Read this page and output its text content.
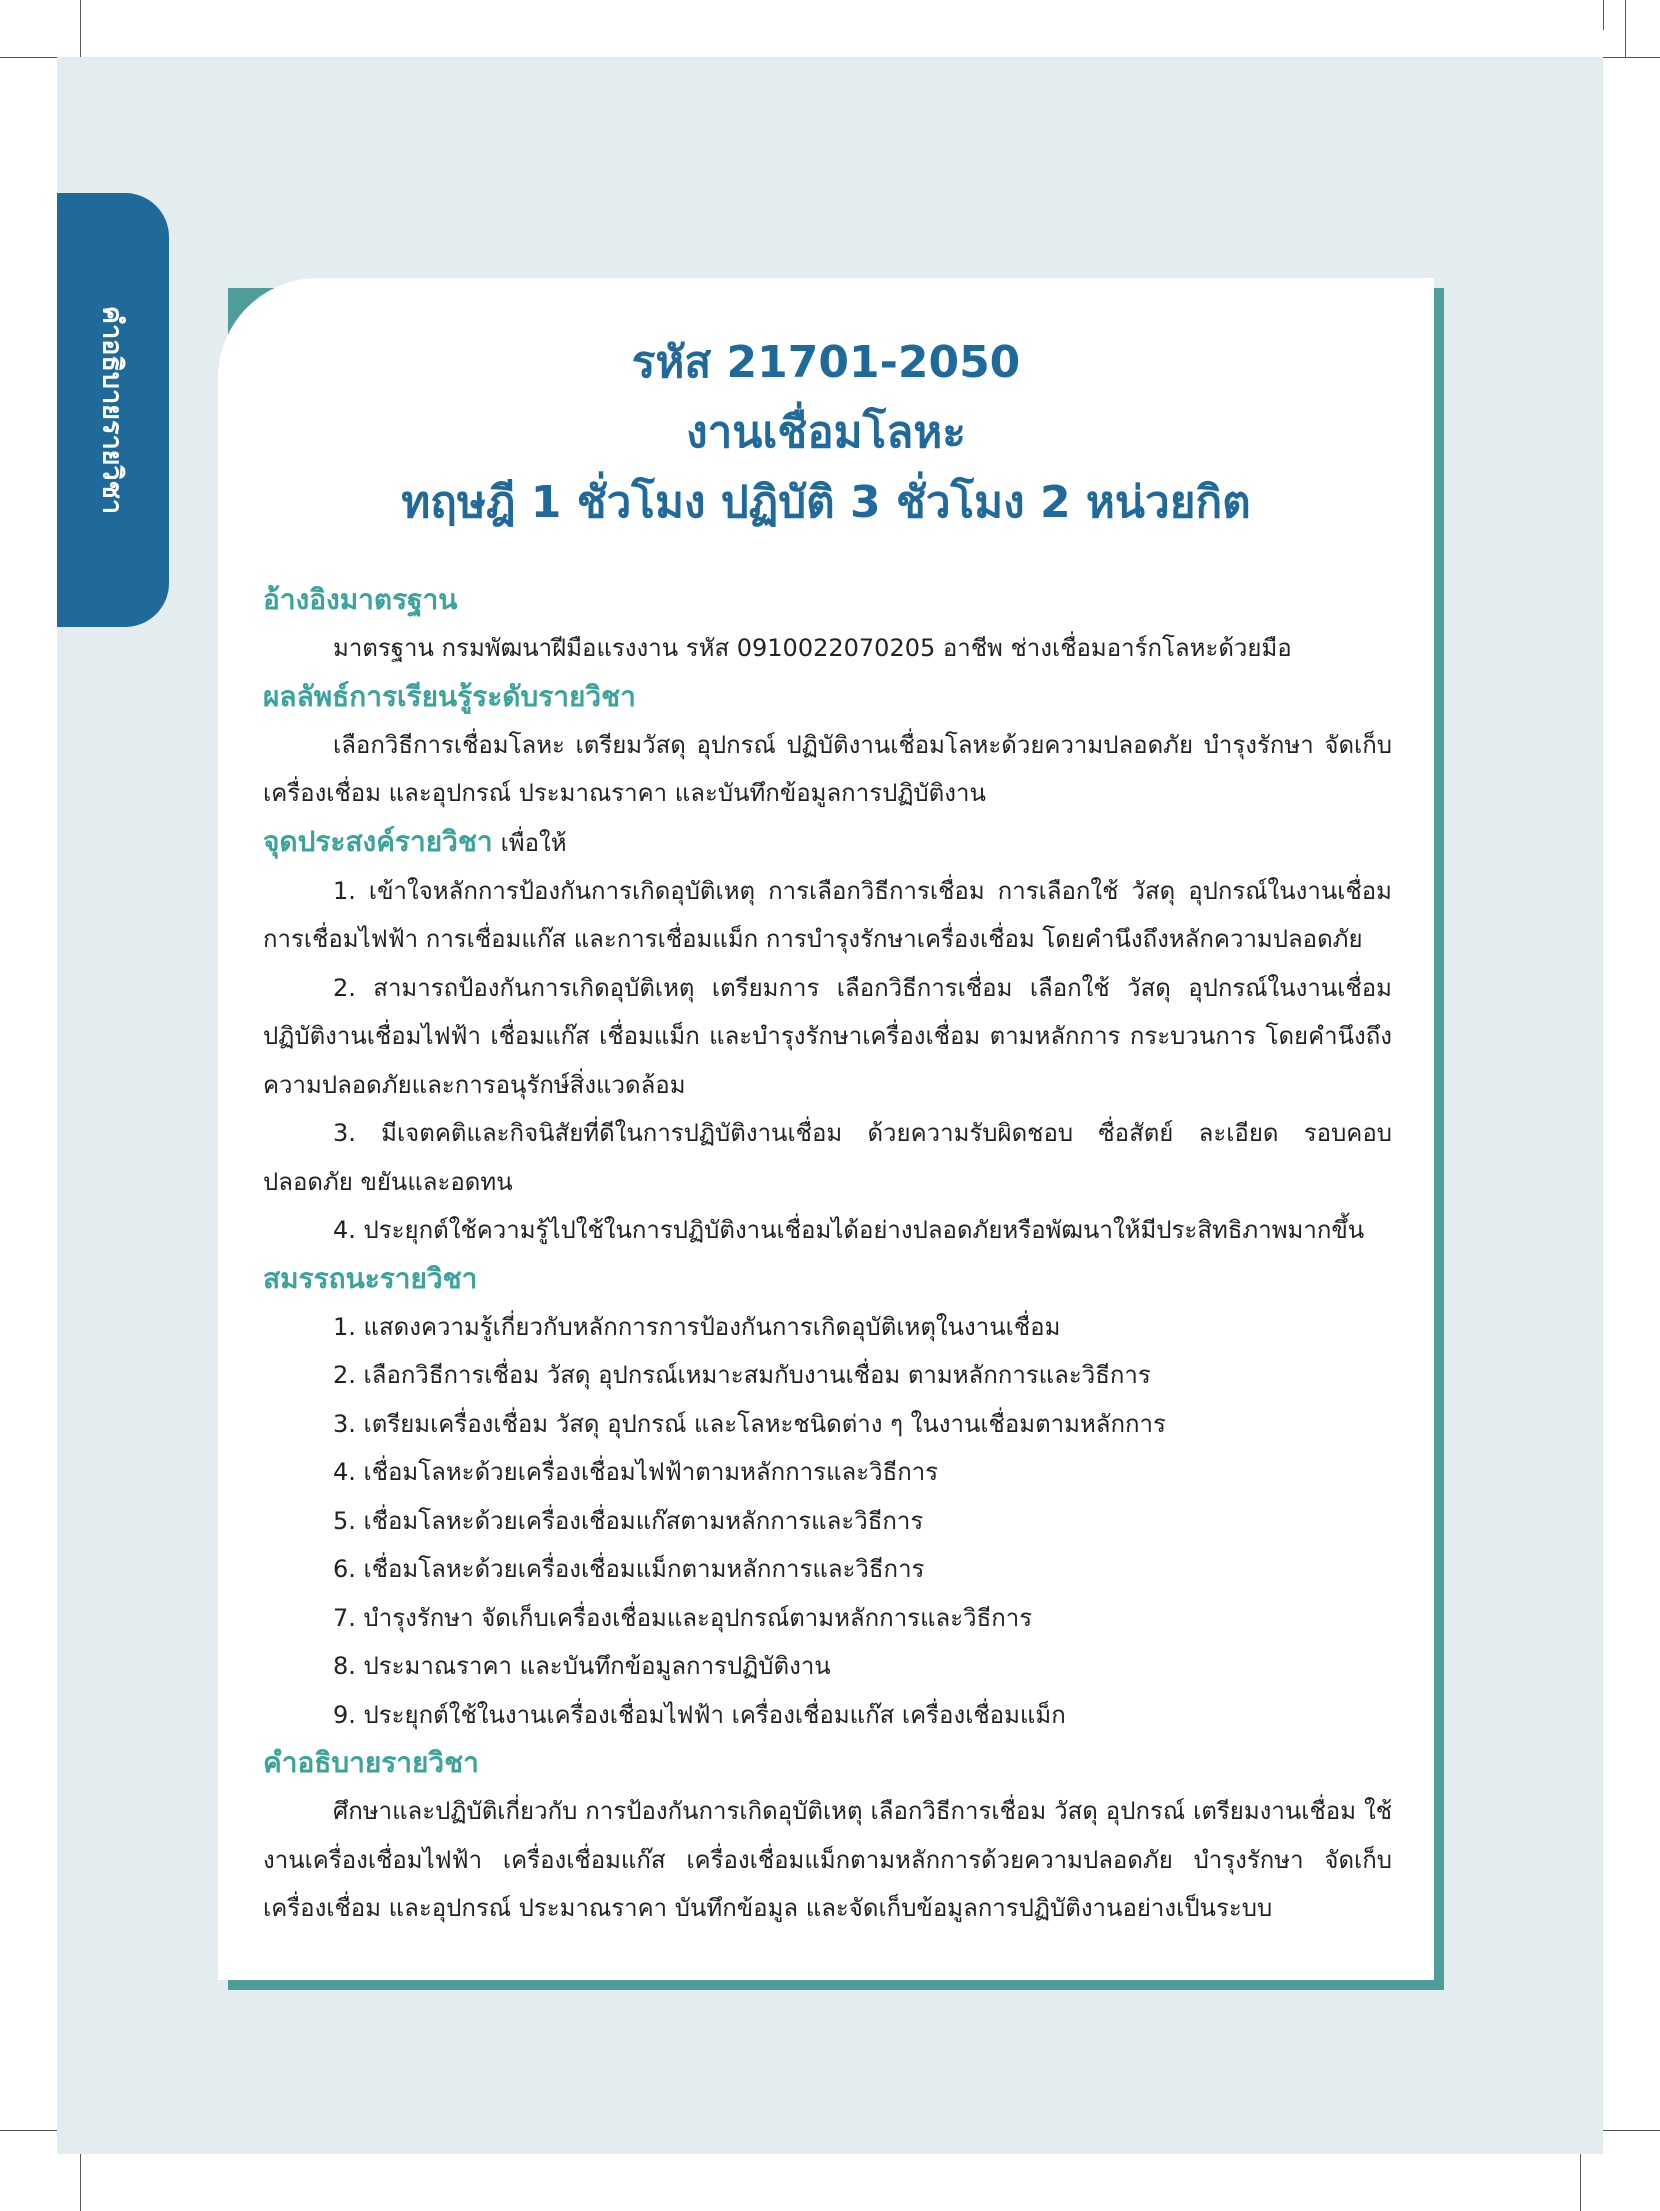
คำอธิบายรายวิชา	รหัส 21701-2050
งานเชื่อมโลหะ
ทฤษฎี 1 ชั่วโมง ปฏิบัติ 3 ชั่วโมง 2 หน่วยกิต
อ้างอิงมาตรฐาน
มาตรฐาน กรมพัฒนาฝีมือแรงงาน รหัส 0910022070205 อาชีพ ช่างเชื่อมอาร์กโลหะด้วยมือ
ผลลัพธ์การเรียนรู้ระดับรายวิชา
เลือกวิธีการเชื่อมโลหะ เตรียมวัสดุ อุปกรณ์ ปฏิบัติงานเชื่อมโลหะด้วยความปลอดภัย บำรุงรักษา จัดเก็บเครื่องเชื่อม และอุปกรณ์ ประมาณราคา และบันทึกข้อมูลการปฏิบัติงาน
จุดประสงค์รายวิชา เพื่อให้
1. เข้าใจหลักการป้องกันการเกิดอุบัติเหตุ การเลือกวิธีการเชื่อม การเลือกใช้ วัสดุ อุปกรณ์ในงานเชื่อม การเชื่อมไฟฟ้า การเชื่อมแก๊ส และการเชื่อมแม็ก การบำรุงรักษาเครื่องเชื่อม โดยคำนึงถึงหลักความปลอดภัย
2. สามารถป้องกันการเกิดอุบัติเหตุ เตรียมการ เลือกวิธีการเชื่อม เลือกใช้ วัสดุ อุปกรณ์ในงานเชื่อม ปฏิบัติงานเชื่อมไฟฟ้า เชื่อมแก๊ส เชื่อมแม็ก และบำรุงรักษาเครื่องเชื่อม ตามหลักการ กระบวนการ โดยคำนึงถึงความปลอดภัยและการอนุรักษ์สิ่งแวดล้อม
3. มีเจตคติและกิจนิสัยที่ดีในการปฏิบัติงานเชื่อม ด้วยความรับผิดชอบ ซื่อสัตย์ ละเอียด รอบคอบ ปลอดภัย ขยันและอดทน
4. ประยุกต์ใช้ความรู้ไปใช้ในการปฏิบัติงานเชื่อมได้อย่างปลอดภัยหรือพัฒนาให้มีประสิทธิภาพมากขึ้น
สมรรถนะรายวิชา
1. แสดงความรู้เกี่ยวกับหลักการการป้องกันการเกิดอุบัติเหตุในงานเชื่อม
2. เลือกวิธีการเชื่อม วัสดุ อุปกรณ์เหมาะสมกับงานเชื่อม ตามหลักการและวิธีการ
3. เตรียมเครื่องเชื่อม วัสดุ อุปกรณ์ และโลหะชนิดต่าง ๆ ในงานเชื่อมตามหลักการ
4. เชื่อมโลหะด้วยเครื่องเชื่อมไฟฟ้าตามหลักการและวิธีการ
5. เชื่อมโลหะด้วยเครื่องเชื่อมแก๊สตามหลักการและวิธีการ
6. เชื่อมโลหะด้วยเครื่องเชื่อมแม็กตามหลักการและวิธีการ
7. บำรุงรักษา จัดเก็บเครื่องเชื่อมและอุปกรณ์ตามหลักการและวิธีการ
8. ประมาณราคา และบันทึกข้อมูลการปฏิบัติงาน
9. ประยุกต์ใช้ในงานเครื่องเชื่อมไฟฟ้า เครื่องเชื่อมแก๊ส เครื่องเชื่อมแม็ก
คำอธิบายรายวิชา
ศึกษาและปฏิบัติเกี่ยวกับ การป้องกันการเกิดอุบัติเหตุ เลือกวิธีการเชื่อม วัสดุ อุปกรณ์ เตรียมงานเชื่อม ใช้งานเครื่องเชื่อมไฟฟ้า เครื่องเชื่อมแก๊ส เครื่องเชื่อมแม็กตามหลักการด้วยความปลอดภัย บำรุงรักษา จัดเก็บ เครื่องเชื่อม และอุปกรณ์ ประมาณราคา บันทึกข้อมูล และจัดเก็บข้อมูลการปฏิบัติงานอย่างเป็นระบบ
